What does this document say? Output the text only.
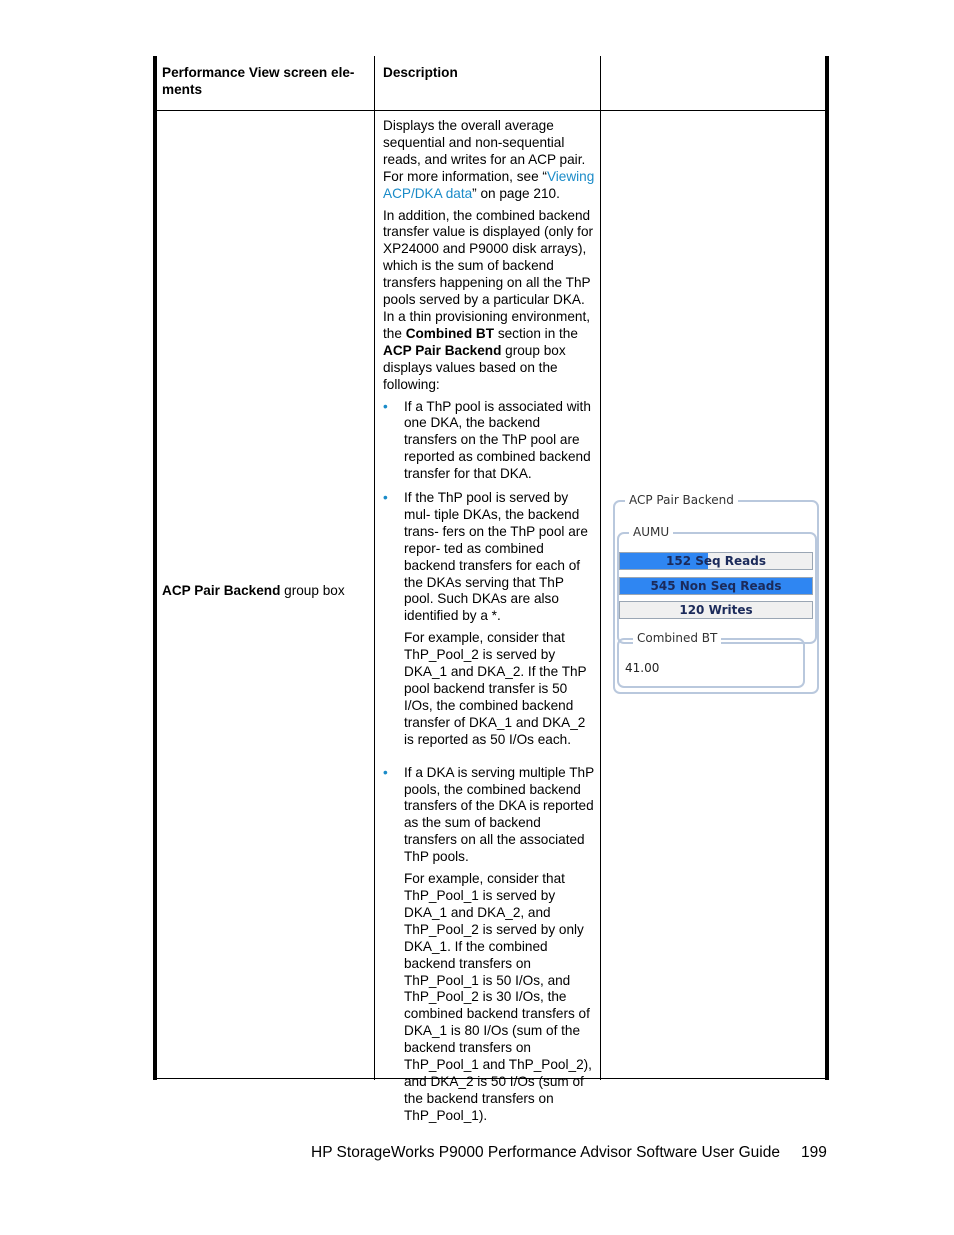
Performance View screen ele- ments
Description
ACP Pair Backend group box

Displays the overall average sequential and non-sequential reads, and writes for an ACP pair. For more information, see “Viewing ACP/DKA data” on page 210.

In addition, the combined backend transfer value is displayed (only for XP24000 and P9000 disk arrays), which is the sum of backend transfers happening on all the ThP pools served by a particular DKA. In a thin provisioning environment, the Combined BT section in the ACP Pair Backend group box displays values based on the following:

• If a ThP pool is associated with one DKA, the backend transfers on the ThP pool are reported as combined backend transfer for that DKA.
• If the ThP pool is served by mul- tiple DKAs, the backend trans- fers on the ThP pool are repor- ted as combined backend transfers for each of the DKAs serving that ThP pool. Such DKAs are also identified by a *.
For example, consider that ThP_Pool_2 is served by DKA_1 and DKA_2. If the ThP pool backend transfer is 50 I/Os, the combined backend transfer of DKA_1 and DKA_2 is reported as 50 I/Os each.
• If a DKA is serving multiple ThP pools, the combined backend transfers of the DKA is reported as the sum of backend transfers on all the associated ThP pools.
For example, consider that ThP_Pool_1 is served by DKA_1 and DKA_2, and ThP_Pool_2 is served by only DKA_1. If the combined backend transfers on ThP_Pool_1 is 50 I/Os, and ThP_Pool_2 is 30 I/Os, the combined backend transfers of DKA_1 is 80 I/Os (sum of the backend transfers on ThP_Pool_1 and ThP_Pool_2), and DKA_2 is 50 I/Os (sum of the backend transfers on ThP_Pool_1).
ACP Pair Backend
AUMU
152 Seq Reads
545 Non Seq Reads
120 Writes
Combined BT
41.00
HP StorageWorks P9000 Performance Advisor Software User Guide 199
